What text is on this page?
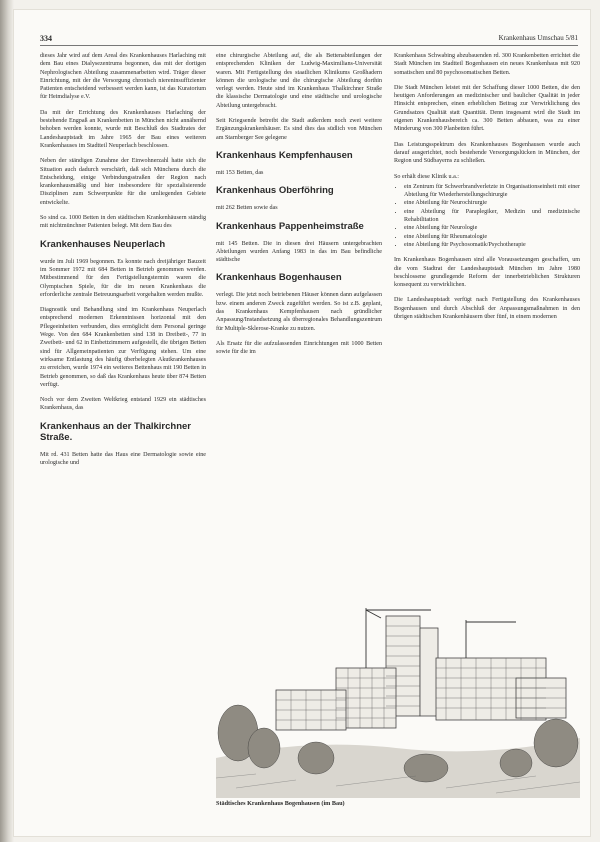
334	Krankenhaus Umschau 5/81

dieses Jahr wird auf dem Areal des Krankenhauses Harlaching mit dem Bau eines Dialysezentrums begonnen, das mit der dortigen Nephrologischen Abteilung zusammenarbeiten wird. Träger dieser Einrichtung, mit der die Versorgung chronisch niereninsuffizienter Patienten entscheidend verbessert werden kann, ist das Kuratorium für Heimdialyse e.V.

Da mit der Errichtung des Krankenhauses Harlaching der bestehende Engpaß an Krankenbetten in München nicht annähernd behoben werden konnte, wurde mit Beschluß des Stadtrates der Landeshauptstadt im Jahre 1965 der Bau eines weiteren Krankenhauses im Stadtteil Neuperlach beschlossen.

Neben der ständigen Zunahme der Einwohnerzahl hatte sich die Situation auch dadurch verschärft, daß sich Münchens durch die Entscheidung, einige Verbindungsstraßen der Region nach krankenhausmäßig und hier insbesondere für spezialisierende Disziplinen zum Schwerpunkte für die umliegenden Gebiete entwickelte.

So sind ca. 1000 Betten in den städtischen Krankenhäusern ständig mit nichtmünchner Patienten belegt. Mit dem Bau des

Krankenhauses Neuperlach

wurde im Juli 1969 begonnen. Es konnte nach dreijähriger Bauzeit im Sommer 1972 mit 684 Betten in Betrieb genommen werden. Mitbestimmend für den Fertigstellungstermin waren die Olympischen Spiele, für die im neuen Krankenhaus die erforderliche zentrale Betreuungsarbeit vorgehalten werden mußte.

Diagnostik und Behandlung sind im Krankenhaus Neuperlach entsprechend modernen Erkenntnissen horizontal mit den Pflegeeinheiten verbunden, dies ermöglicht dem Personal geringe Wege. Von den 684 Krankenbetten sind 138 in Dreibett-, 77 in Zweibett- und 62 in Einbettzimmern aufgestellt, die übrigen Betten sind für Allgemeinpatienten zur Verfügung stehen. Um eine wirksame Entlastung des häufig überbelegten Akutkrankenhauses zu erreichen, wurde 1974 ein weiteres Bettenhaus mit 190 Betten in Betrieb genommen, so daß das Krankenhaus heute über 874 Betten verfügt.

Noch vor dem Zweiten Weltkrieg entstand 1929 ein städtisches Krankenhaus, das

Krankenhaus an der Thalkirchner Straße.

Mit rd. 431 Betten hatte das Haus eine Dermatologie sowie eine urologische und

eine chirurgische Abteilung auf, die als Bettenabteilungen der entsprechenden Kliniken der Ludwig-Maximilians-Universität waren. Mit Fertigstellung des staatlichen Klinikums Großhadern können die urologische und die chirurgische Abteilung dorthin verlegt werden. Heute sind im Krankenhaus Thalkirchner Straße die klassische Dermatologie und eine städtische und urologische Abteilung untergebracht.

Seit Kriegsende betreibt die Stadt außerdem noch zwei weitere Ergänzungskrankenhäuser. Es sind dies das südlich von München am Starnberger See gelegene

Krankenhaus Kempfenhausen

mit 153 Betten, das

Krankenhaus Oberföhring

mit 262 Betten sowie das

Krankenhaus Pappenheimstraße

mit 145 Betten. Die in diesen drei Häusern untergebrachten Abteilungen wurden Anfang 1983 in das im Bau befindliche städtische

Krankenhaus Bogenhausen

verlegt. Die jetzt noch betriebenen Häuser können dann aufgelassen bzw. einem anderen Zweck zugeführt werden. So ist z.B. geplant, das Krankenhaus Kempfenhausen nach gründlicher Anpassung/Instandsetzung als überregionales Behandlungszentrum für Multiple-Sklerose-Kranke zu nutzen.

Als Ersatz für die aufzulassenden Einrichtungen mit 1000 Betten sowie für die im

Krankenhaus Schwabing abzubauenden rd. 300 Krankenbetten errichtet die Stadt München im Stadtteil Bogenhausen ein neues Krankenhaus mit 920 somatischen und 80 psychosomatischen Betten.

Die Stadt München leistet mit der Schaffung dieser 1000 Betten, die den heutigen Anforderungen an medizinischer und baulicher Qualität in jeder Hinsicht entsprechen, einen erheblichen Beitrag zur Verwirklichung des Grundsatzes Qualität statt Quantität. Denn insgesamt wird die Stadt im eigenen Krankenhausbereich ca. 300 Betten abbauen, was zu einer Minderung von 300 Planbetten führt.

Das Leistungsspektrum des Krankenhauses Bogenhausen wurde auch darauf ausgerichtet, noch bestehende Versorgungslücken in München, der Region und Südbayerns zu schließen.

So erhält diese Klinik u.a.:

• ein Zentrum für Schwerbrandverletzte in Organisationseinheit mit einer Abteilung für Wiederherstellungschirurgie
• eine Abteilung für Neurochirurgie
• eine Abteilung für Paraplegiker, Medizin und medizinische Rehabilitation
• eine Abteilung für Neurologie
• eine Abteilung für Rheumatologie
• eine Abteilung für Psychosomatik/Psychotherapie

Im Krankenhaus Bogenhausen sind alle Voraussetzungen geschaffen, um die vom Stadtrat der Landeshauptstadt München im Jahre 1980 beschlossene grundlegende Reform der innerbetrieblichen Strukturen konsequent zu verwirklichen.

Die Landeshauptstadt verfügt nach Fertigstellung des Krankenhauses Bogenhausen und durch Abschluß der Anpassungsmaßnahmen in den übrigen städtischen Krankenhäusern über fünf, in einem modernen

Städtisches Krankenhaus Bogenhausen (im Bau)
